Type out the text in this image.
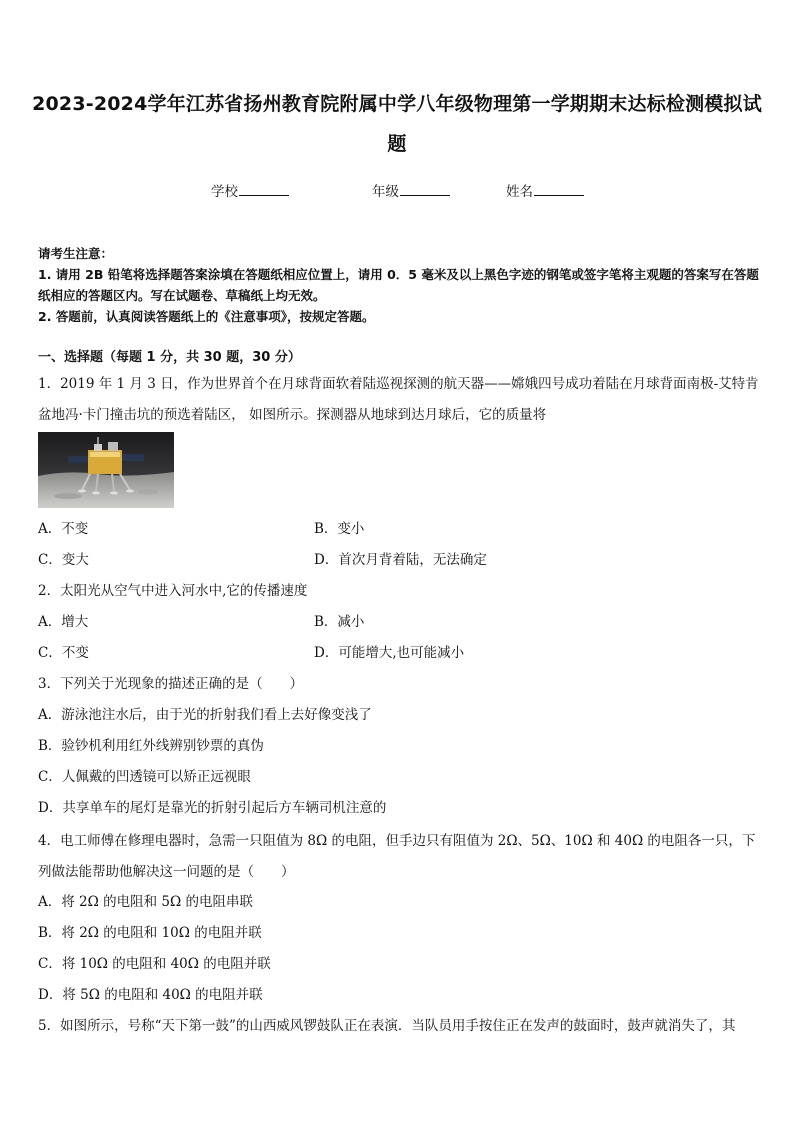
2023-2024学年江苏省扬州教育院附属中学八年级物理第一学期期末达标检测模拟试题
学校	年级	姓名

请考生注意：

1. 请用 2B 铅笔将选择题答案涂填在答题纸相应位置上，请用 0．5 毫米及以上黑色字迹的钢笔或签字笔将主观题的答案写在答题纸相应的答题区内。写在试题卷、草稿纸上均无效。

2. 答题前，认真阅读答题纸上的《注意事项》，按规定答题。

一、选择题（每题 1 分，共 30 题，30 分）
1．2019 年 1 月 3 日，作为世界首个在月球背面软着陆巡视探测的航天器——嫦娥四号成功着陆在月球背面南极-艾特肯盆地冯·卡门撞击坑的预选着陆区， 如图所示。探测器从地球到达月球后，它的质量将
A．不变	B．变小
C．变大	D．首次月背着陆，无法确定
2．太阳光从空气中进入河水中,它的传播速度
A．增大	B．减小
C．不变	D．可能增大,也可能减小
3．下列关于光现象的描述正确的是（　　）
A．游泳池注水后，由于光的折射我们看上去好像变浅了
B．验钞机利用红外线辨别钞票的真伪
C．人佩戴的凹透镜可以矫正远视眼
D．共享单车的尾灯是靠光的折射引起后方车辆司机注意的
4．电工师傅在修理电器时，急需一只阻值为 8Ω 的电阻，但手边只有阻值为 2Ω、5Ω、10Ω 和 40Ω 的电阻各一只，下列做法能帮助他解决这一问题的是（　　）
A．将 2Ω 的电阻和 5Ω 的电阻串联
B．将 2Ω 的电阻和 10Ω 的电阻并联
C．将 10Ω 的电阻和 40Ω 的电阻并联
D．将 5Ω 的电阻和 40Ω 的电阻并联
5．如图所示，号称“天下第一鼓”的山西威风锣鼓队正在表演．当队员用手按住正在发声的鼓面时，鼓声就消失了，其
